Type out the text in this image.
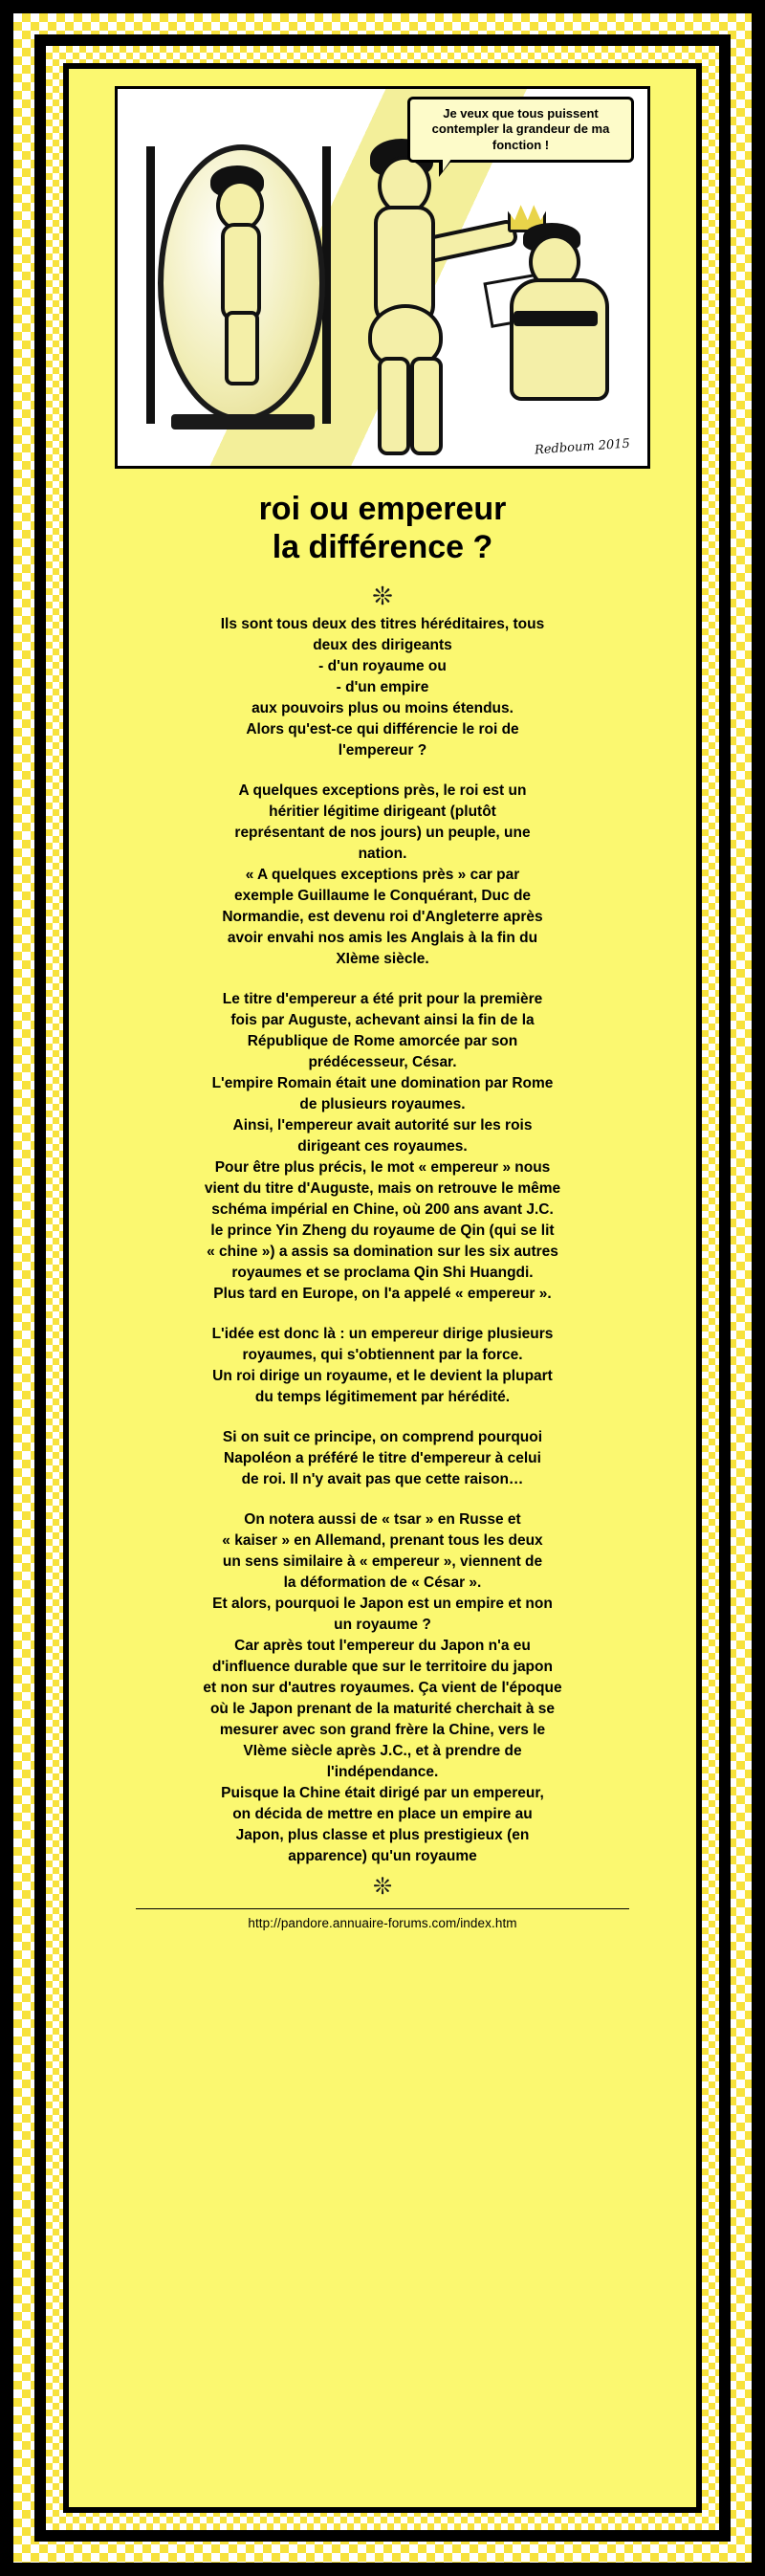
Je veux que tous puissent contempler la grandeur de ma fonction !
Redboum 2015
roi ou empereur
la différence ?
❊
Ils sont tous deux des titres héréditaires, tous
deux des dirigeants
- d'un royaume ou
- d'un empire
aux pouvoirs plus ou moins étendus.
Alors qu'est-ce qui différencie le roi de
l'empereur ?
A quelques exceptions près, le roi est un
héritier légitime dirigeant (plutôt
représentant de nos jours) un peuple, une
nation.
« A quelques exceptions près » car par
exemple Guillaume le Conquérant, Duc de
Normandie, est devenu roi d'Angleterre après
avoir envahi nos amis les Anglais à la fin du
XIème siècle.
Le titre d'empereur a été prit pour la première
fois par Auguste, achevant ainsi la fin de la
République de Rome amorcée par son
prédécesseur, César.
L'empire Romain était une domination par Rome
de plusieurs royaumes.
Ainsi, l'empereur avait autorité sur les rois
dirigeant ces royaumes.
Pour être plus précis, le mot « empereur » nous
vient du titre d'Auguste, mais on retrouve le même
schéma impérial en Chine, où 200 ans avant J.C.
le prince Yin Zheng du royaume de Qin (qui se lit
« chine ») a assis sa domination sur les six autres
royaumes et se proclama Qin Shi Huangdi.
Plus tard en Europe, on l'a appelé « empereur ».
L'idée est donc là : un empereur dirige plusieurs
royaumes, qui s'obtiennent par la force.
Un roi dirige un royaume, et le devient la plupart
du temps légitimement par hérédité.
Si on suit ce principe, on comprend pourquoi
Napoléon a préféré le titre d'empereur à celui
de roi. Il n'y avait pas que cette raison…
On notera aussi de « tsar » en Russe et
« kaiser » en Allemand, prenant tous les deux
un sens similaire à « empereur », viennent de
la déformation de « César ».
Et alors, pourquoi le Japon est un empire et non
un royaume ?
Car après tout l'empereur du Japon n'a eu
d'influence durable que sur le territoire du japon
et non sur d'autres royaumes. Ça vient de l'époque
où le Japon prenant de la maturité cherchait à se
mesurer avec son grand frère la Chine, vers le
VIème siècle après J.C., et à prendre de
l'indépendance.
Puisque la Chine était dirigé par un empereur,
on décida de mettre en place un empire au
Japon, plus classe et plus prestigieux (en
apparence) qu'un royaume
❊
http://pandore.annuaire-forums.com/index.htm
